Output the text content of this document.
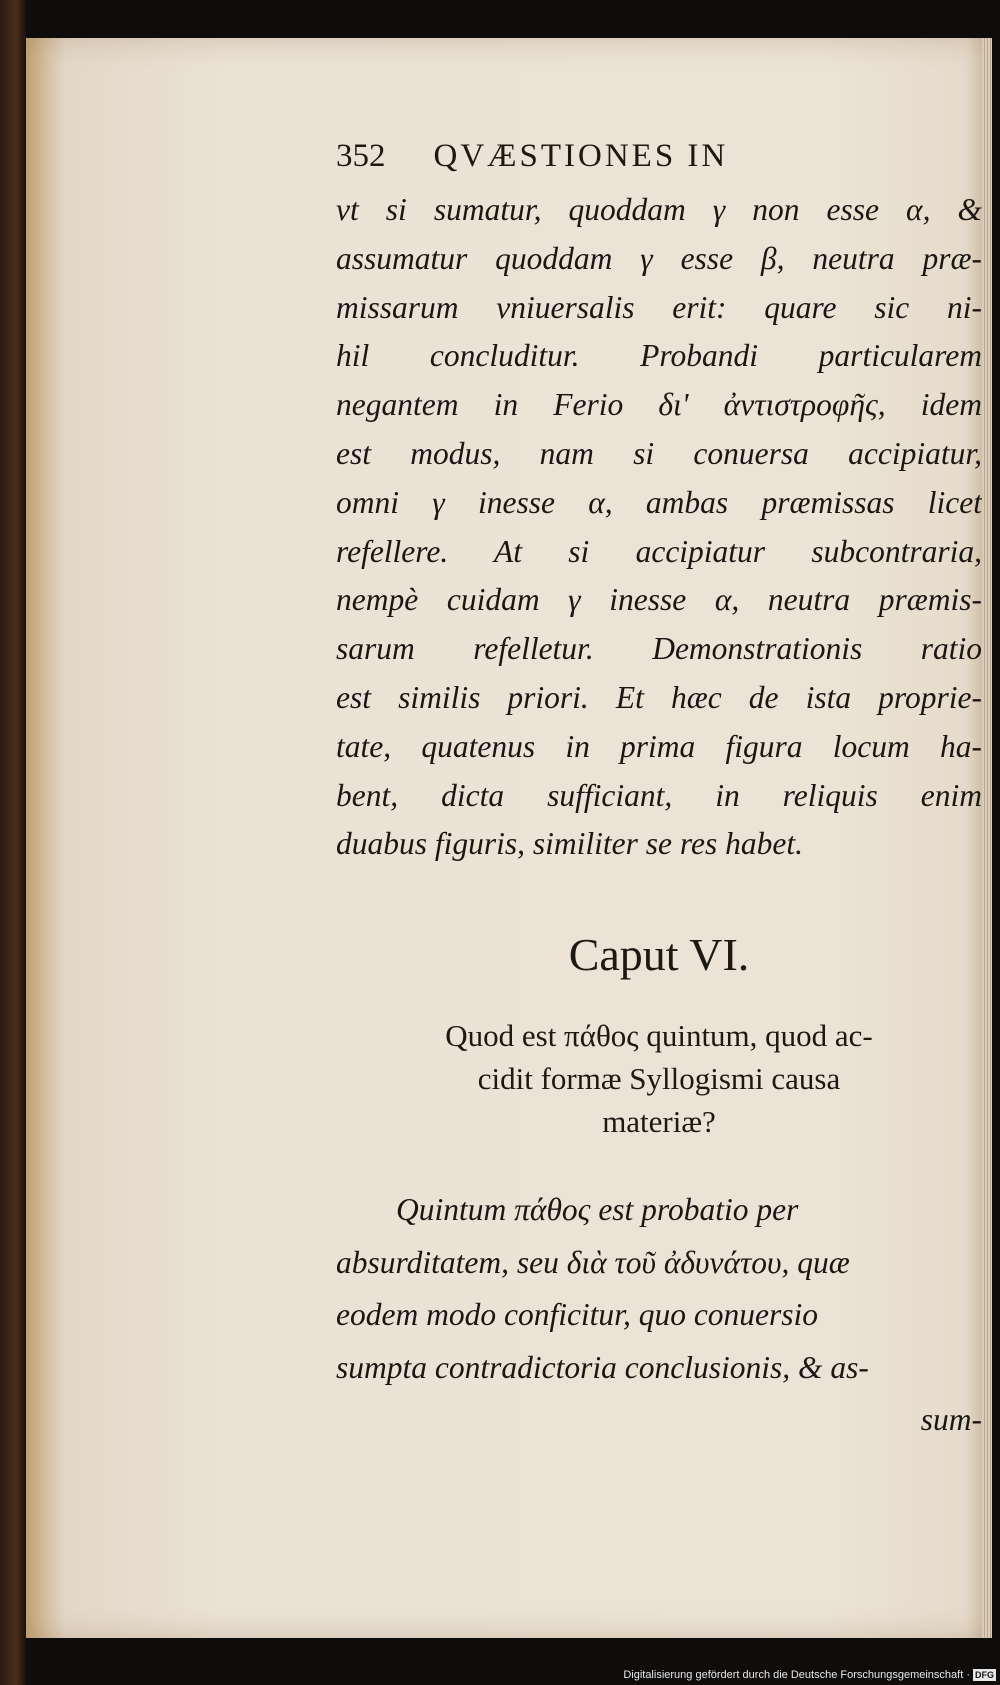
352 QVÆSTIONES IN
vt si sumatur, quoddam γ non esse α, &
assumatur quoddam γ esse β, neutra præ-
missarum vniuersalis erit: quare sic ni-
hil concluditur. Probandi particularem
negantem in Ferio δι' ἀντιστροφῆς, idem
est modus, nam si conuersa accipiatur,
omni γ inesse α, ambas præmissas licet
refellere. At si accipiatur subcontraria,
nempè cuidam γ inesse α, neutra præmis-
sarum refelletur. Demonstrationis ratio
est similis priori. Et hæc de ista proprie-
tate, quatenus in prima figura locum ha-
bent, dicta sufficiant, in reliquis enim
duabus figuris, similiter se res habet.
Caput VI.
Quod est πάθος quintum, quod ac-
cidit formæ Syllogismi causa
materiæ?
Quintum πάθος est probatio per
absurditatem, seu διὰ τοῦ ἀδυνάτου, quæ
eodem modo conficitur, quo conuersio
sumpta contradictoria conclusionis, & as-
sum-
Digitalisierung gefördert durch die Deutsche Forschungsgemeinschaft · DFG
